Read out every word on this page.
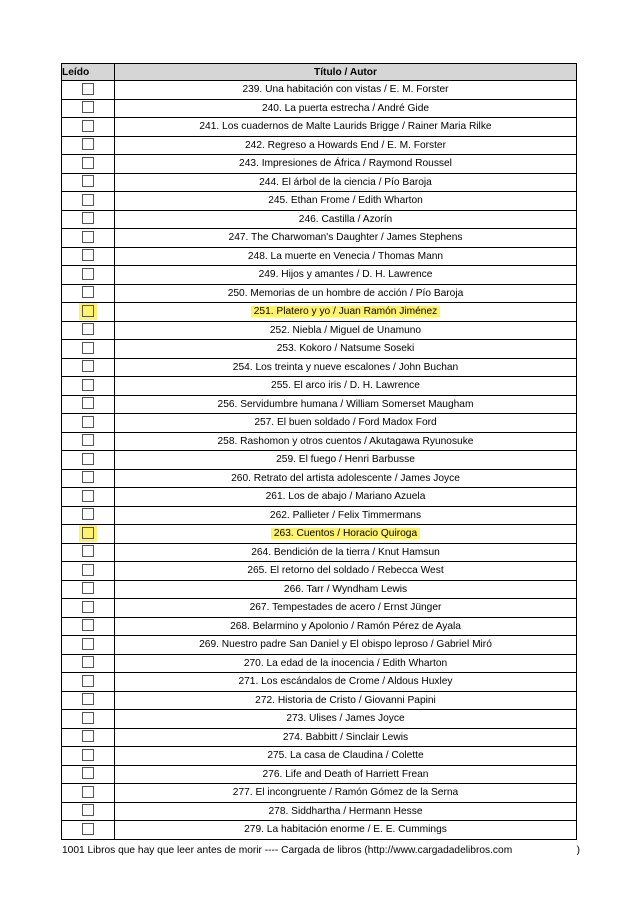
Leído	Título / Autor
	239. Una habitación con vistas / E. M. Forster
	240. La puerta estrecha / André Gide
	241. Los cuadernos de Malte Laurids Brigge / Rainer Maria Rilke
	242. Regreso a Howards End / E. M. Forster
	243. Impresiones de África / Raymond Roussel
	244. El árbol de la ciencia / Pío Baroja
	245. Ethan Frome / Edith Wharton
	246. Castilla / Azorín
	247. The Charwoman's Daughter / James Stephens
	248. La muerte en Venecia / Thomas Mann
	249. Hijos y amantes / D. H. Lawrence
	250. Memorias de un hombre de acción / Pío Baroja
	251. Platero y yo / Juan Ramón Jiménez
	252. Niebla / Miguel de Unamuno
	253. Kokoro / Natsume Soseki
	254. Los treinta y nueve escalones / John Buchan
	255. El arco iris / D. H. Lawrence
	256. Servidumbre humana / William Somerset Maugham
	257. El buen soldado / Ford Madox Ford
	258. Rashomon y otros cuentos / Akutagawa Ryunosuke
	259. El fuego / Henri Barbusse
	260. Retrato del artista adolescente / James Joyce
	261. Los de abajo / Mariano Azuela
	262. Pallieter / Felix Timmermans
	263. Cuentos / Horacio Quiroga
	264. Bendición de la tierra / Knut Hamsun
	265. El retorno del soldado / Rebecca West
	266. Tarr / Wyndham Lewis
	267. Tempestades de acero / Ernst Jünger
	268. Belarmino y Apolonio / Ramón Pérez de Ayala
	269. Nuestro padre San Daniel y El obispo leproso / Gabriel Miró
	270. La edad de la inocencia / Edith Wharton
	271. Los escándalos de Crome / Aldous Huxley
	272. Historia de Cristo / Giovanni Papini
	273. Ulises / James Joyce
	274. Babbitt / Sinclair Lewis
	275. La casa de Claudina / Colette
	276. Life and Death of Harriett Frean
	277. El incongruente / Ramón Gómez de la Serna
	278. Siddhartha / Hermann Hesse
	279. La habitación enorme / E. E. Cummings
1001 Libros que hay que leer antes de morir ---- Cargada de libros (http://www.cargadadelibros.com	)
